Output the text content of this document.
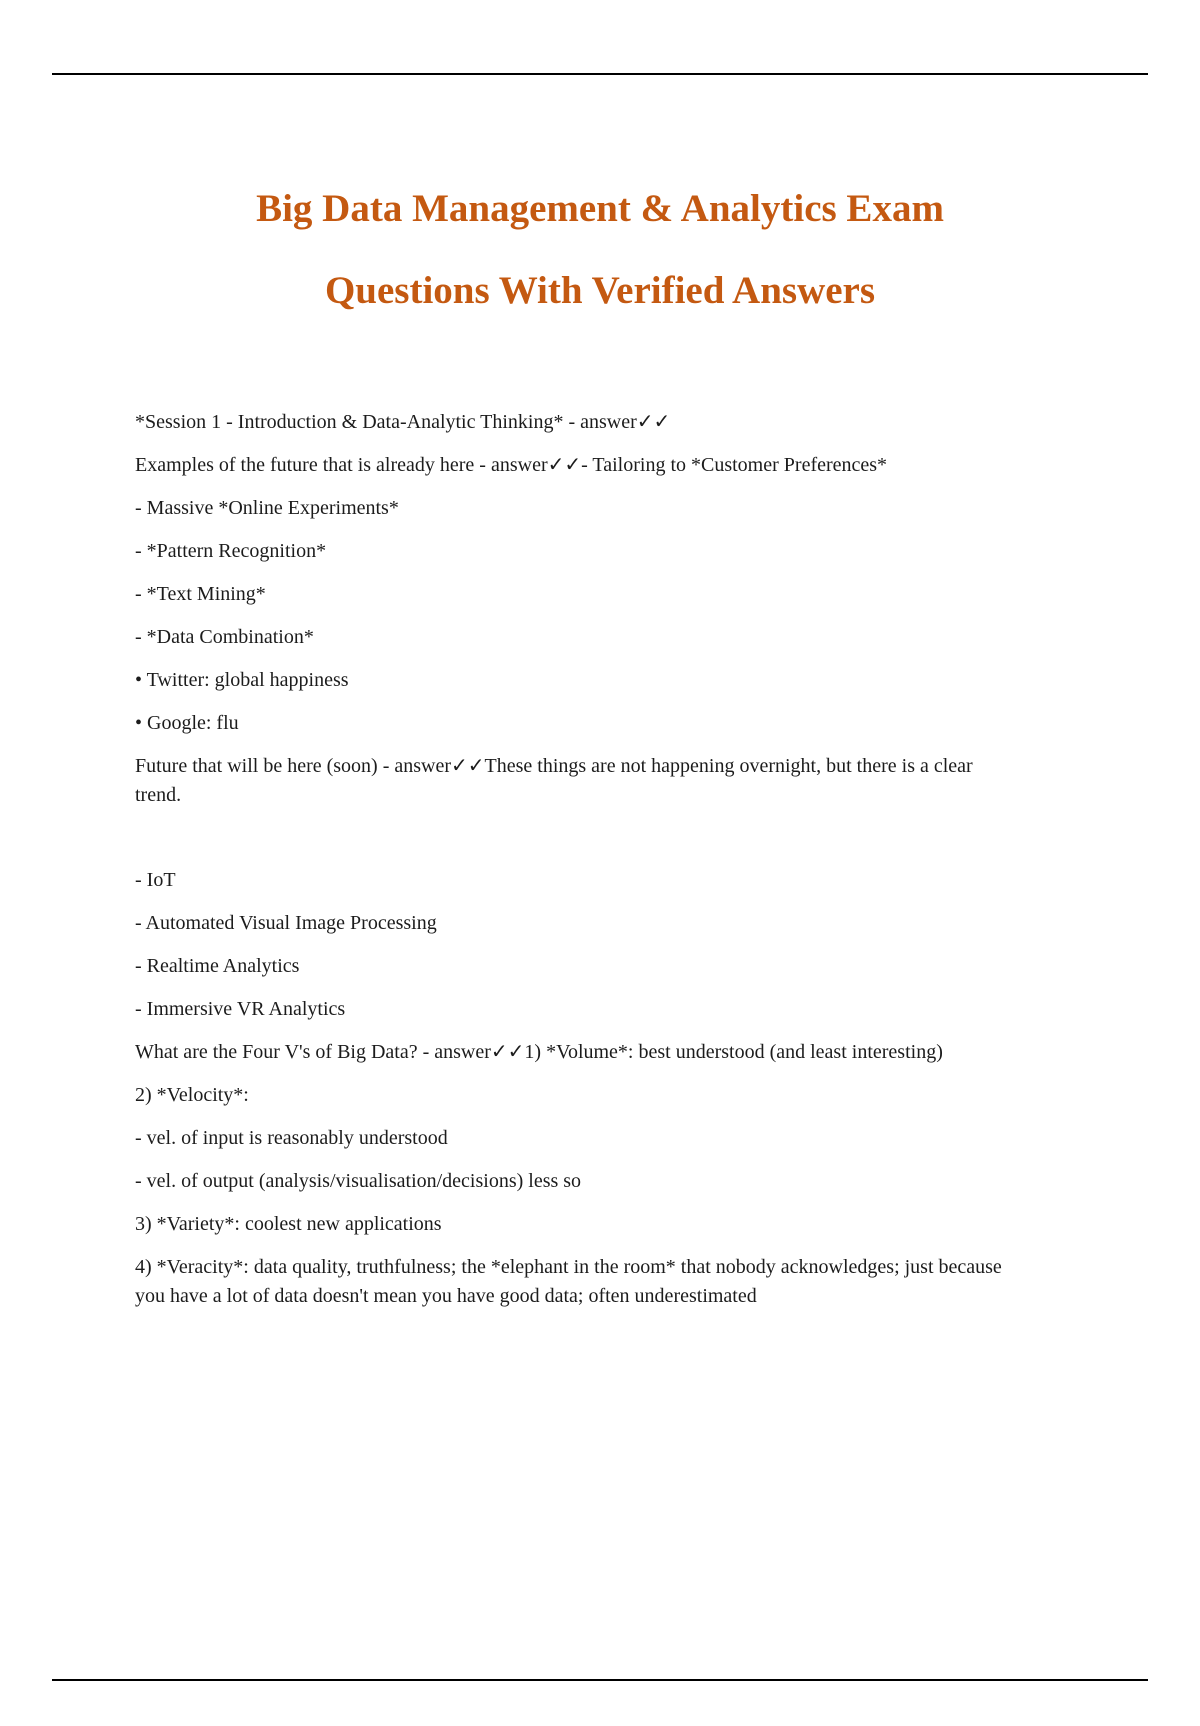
Big Data Management & Analytics Exam
Questions With Verified Answers

*Session 1 - Introduction & Data-Analytic Thinking* - answer✓✓

Examples of the future that is already here - answer✓✓- Tailoring to *Customer Preferences*

- Massive *Online Experiments*

- *Pattern Recognition*

- *Text Mining*

- *Data Combination*

• Twitter: global happiness

• Google: flu

Future that will be here (soon) - answer✓✓These things are not happening overnight, but there is a clear trend.

- IoT

- Automated Visual Image Processing

- Realtime Analytics

- Immersive VR Analytics

What are the Four V's of Big Data? - answer✓✓1) *Volume*: best understood (and least interesting)

2) *Velocity*:

- vel. of input is reasonably understood

- vel. of output (analysis/visualisation/decisions) less so

3) *Variety*: coolest new applications

4) *Veracity*: data quality, truthfulness; the *elephant in the room* that nobody acknowledges; just because you have a lot of data doesn't mean you have good data; often underestimated
